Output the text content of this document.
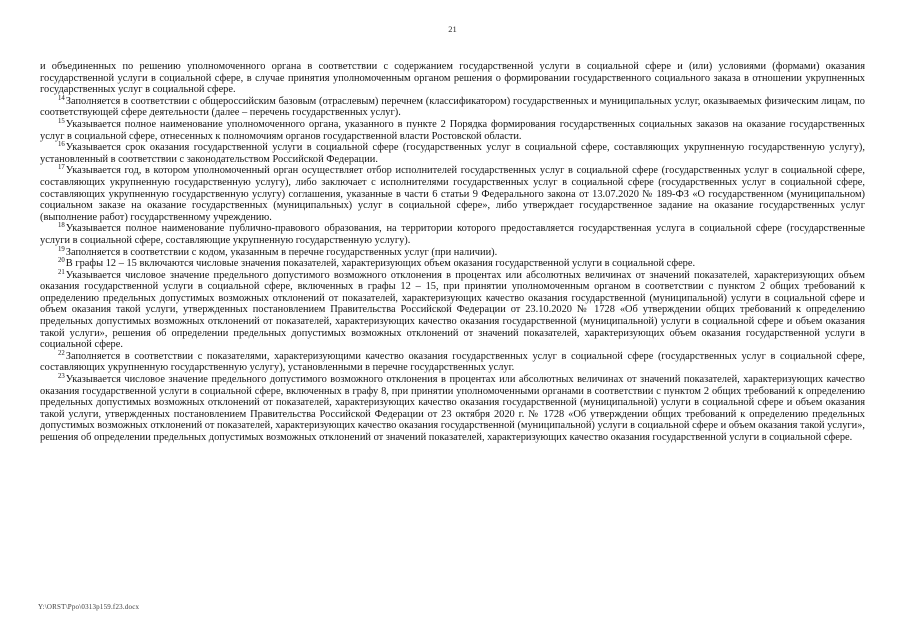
21

и объединенных по решению уполномоченного органа в соответствии с содержанием государственной услуги в социальной сфере и (или) условиями (формами) оказания государственной услуги в социальной сфере, в случае принятия уполномоченным органом решения о формировании государственного социального заказа в отношении укрупненных государственных услуг в социальной сфере.

$^{14}$Заполняется в соответствии с общероссийским базовым (отраслевым) перечнем (классификатором) государственных и муниципальных услуг, оказываемых физическим лицам, по соответствующей сфере деятельности (далее – перечень государственных услуг).

$^{15}$Указывается полное наименование уполномоченного органа, указанного в пункте 2 Порядка формирования государственных социальных заказов на оказание государственных услуг в социальной сфере, отнесенных к полномочиям органов государственной власти Ростовской области.

$^{16}$Указывается срок оказания государственной услуги в социальной сфере (государственных услуг в социальной сфере, составляющих укрупненную государственную услугу), установленный в соответствии с законодательством Российской Федерации.

$^{17}$Указывается год, в котором уполномоченный орган осуществляет отбор исполнителей государственных услуг в социальной сфере (государственных услуг в социальной сфере, составляющих укрупненную государственную услугу), либо заключает с исполнителями государственных услуг в социальной сфере (государственных услуг в социальной сфере, составляющих укрупненную государственную услугу) соглашения, указанные в части 6 статьи 9 Федерального закона от 13.07.2020 № 189-ФЗ «О государственном (муниципальном) социальном заказе на оказание государственных (муниципальных) услуг в социальной сфере», либо утверждает государственное задание на оказание государственных услуг (выполнение работ) государственному учреждению.

$^{18}$Указывается полное наименование публично-правового образования, на территории которого предоставляется государственная услуга в социальной сфере (государственные услуги в социальной сфере, составляющие укрупненную государственную услугу).

$^{19}$Заполняется в соответствии с кодом, указанным в перечне государственных услуг (при наличии).

$^{20}$В графы 12 – 15 включаются числовые значения показателей, характеризующих объем оказания государственной услуги в социальной сфере.

$^{21}$Указывается числовое значение предельного допустимого возможного отклонения в процентах или абсолютных величинах от значений показателей, характеризующих объем оказания государственной услуги в социальной сфере, включенных в графы 12 – 15, при принятии уполномоченным органом в соответствии с пунктом 2 общих требований к определению предельных допустимых возможных отклонений от показателей, характеризующих качество оказания государственной (муниципальной) услуги в социальной сфере и объем оказания такой услуги, утвержденных постановлением Правительства Российской Федерации от 23.10.2020 № 1728 «Об утверждении общих требований к определению предельных допустимых возможных отклонений от показателей, характеризующих качество оказания государственной (муниципальной) услуги в социальной сфере и объем оказания такой услуги», решения об определении предельных допустимых возможных отклонений от значений показателей, характеризующих объем оказания государственной услуги в социальной сфере.

$^{22}$Заполняется в соответствии с показателями, характеризующими качество оказания государственных услуг в социальной сфере (государственных услуг в социальной сфере, составляющих укрупненную государственную услугу), установленными в перечне государственных услуг.

$^{23}$Указывается числовое значение предельного допустимого возможного отклонения в процентах или абсолютных величинах от значений показателей, характеризующих качество оказания государственной услуги в социальной сфере, включенных в графу 8, при принятии уполномоченными органами в соответствии с пунктом 2 общих требований к определению предельных допустимых возможных отклонений от показателей, характеризующих качество оказания государственной (муниципальной) услуги в социальной сфере и объем оказания такой услуги, утвержденных постановлением Правительства Российской Федерации от 23 октября 2020 г. № 1728 «Об утверждении общих требований к определению предельных допустимых возможных отклонений от показателей, характеризующих качество оказания государственной (муниципальной) услуги в социальной сфере и объем оказания такой услуги», решения об определении предельных допустимых возможных отклонений от значений показателей, характеризующих качество оказания государственной услуги в социальной сфере.

Y:\ORST\Ppo\0313p159.f23.docx
